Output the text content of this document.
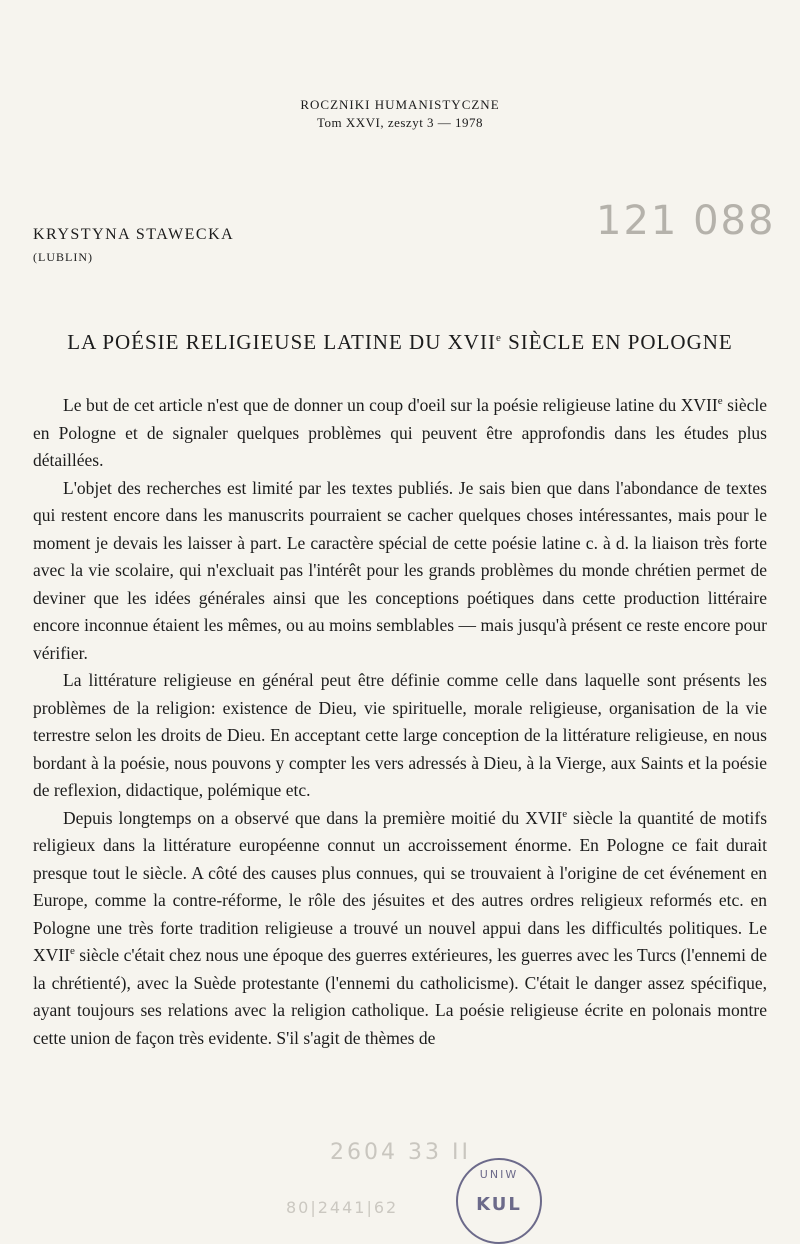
ROCZNIKI HUMANISTYCZNE
Tom XXVI, zeszyt 3 — 1978
KRYSTYNA STAWECKA
(LUBLIN)
121 088
LA POÉSIE RELIGIEUSE LATINE DU XVIIe SIÈCLE EN POLOGNE

Le but de cet article n'est que de donner un coup d'oeil sur la poésie religieuse latine du XVIIe siècle en Pologne et de signaler quelques problèmes qui peuvent être approfondis dans les études plus détaillées.

L'objet des recherches est limité par les textes publiés. Je sais bien que dans l'abondance de textes qui restent encore dans les manuscrits pourraient se cacher quelques choses intéressantes, mais pour le moment je devais les laisser à part. Le caractère spécial de cette poésie latine c. à d. la liaison très forte avec la vie scolaire, qui n'excluait pas l'intérêt pour les grands problèmes du monde chrétien permet de deviner que les idées générales ainsi que les conceptions poétiques dans cette production littéraire encore inconnue étaient les mêmes, ou au moins semblables — mais jusqu'à présent ce reste encore pour vérifier.

La littérature religieuse en général peut être définie comme celle dans laquelle sont présents les problèmes de la religion: existence de Dieu, vie spirituelle, morale religieuse, organisation de la vie terrestre selon les droits de Dieu. En acceptant cette large conception de la littérature religieuse, en nous bordant à la poésie, nous pouvons y compter les vers adressés à Dieu, à la Vierge, aux Saints et la poésie de reflexion, didactique, polémique etc.

Depuis longtemps on a observé que dans la première moitié du XVIIe siècle la quantité de motifs religieux dans la littérature européenne connut un accroissement énorme. En Pologne ce fait durait presque tout le siècle. A côté des causes plus connues, qui se trouvaient à l'origine de cet événement en Europe, comme la contre-réforme, le rôle des jésuites et des autres ordres religieux reformés etc. en Pologne une très forte tradition religieuse a trouvé un nouvel appui dans les difficultés politiques. Le XVIIe siècle c'était chez nous une époque des guerres extérieures, les guerres avec les Turcs (l'ennemi de la chrétienté), avec la Suède protestante (l'ennemi du catholicisme). C'était le danger assez spécifique, ayant toujours ses relations avec la religion catholique. La poésie religieuse écrite en polonais montre cette union de façon très evidente. S'il s'agit de thèmes de

2604 33 II
80|2441|62
UNIW
KUL
